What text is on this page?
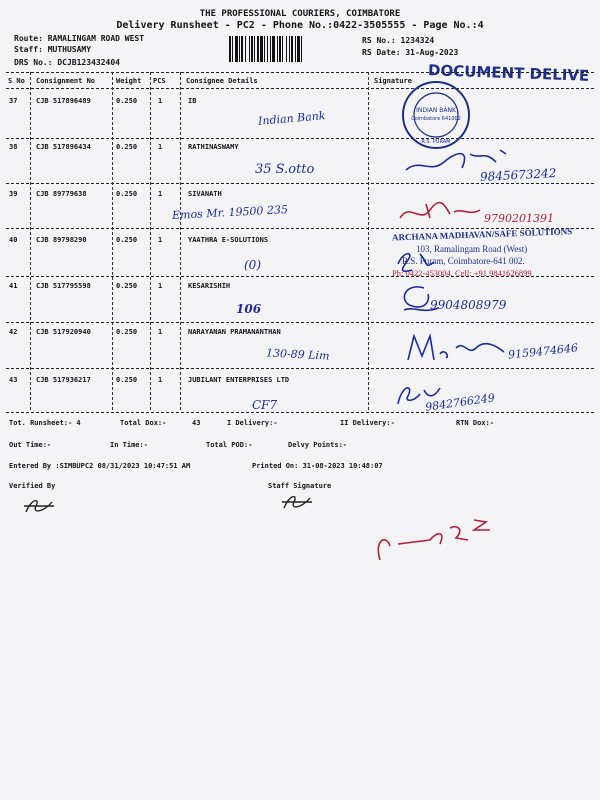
THE PROFESSIONAL COURIERS, COIMBATORE
Delivery Runsheet - PC2 - Phone No.:0422-3505555 - Page No.:4
Route: RAMALINGAM ROAD WEST
Staff: MUTHUSAMY
DRS No.: DCJB123432404
RS No.: 1234324
RS Date: 31-Aug-2023
DOCUMENT DELIVE
S No Consignment No	Weight PCS	Consignee Details	Signature
37	CJB 517896489	0.250	1	IB
Indian Bank
38	CJB 517896434	0.250	1	RATHINASWAMY
35 S.otto	9845673242
39	CJB 89779638	0.250	1	SIVANATH
Emos Mr. 19500 235	9790201391
40	CJB 89798290	0.250	1	YAATHRA E-SOLUTIONS
(0)
41	CJB 517795598	0.250	1	KESARISHIH
106	9904808979
42	CJB 517920940	0.250	1	NARAYANAN PRAMANANTHAN
130-89 Lim	9159474646
43	CJB 517936217	0.250	1	JUBILANT ENTERPRISES LTD
CF7	9842766249
INDIAN BANK
Coimbatore 641002
R.S. PURAM
ARCHANA MADHAVAN/SAFE SOLUTIONS
103, Ramalingam Road (West)
R.S. Puram, Coimbatore-641 002.
Ph: 0422-453004. Cell: +91 9841626899
Tot. Runsheet:- 4	Total Dox:-	43	I Delivery:-	II Delivery:-	RTN Dox:-
Out Time:-	In Time:-	Total POD:-	Delvy Points:-
Entered By :SIMBUPC2 08/31/2023 10:47:51 AM	Printed On: 31-08-2023 10:48:07
Verified By	Staff Signature
